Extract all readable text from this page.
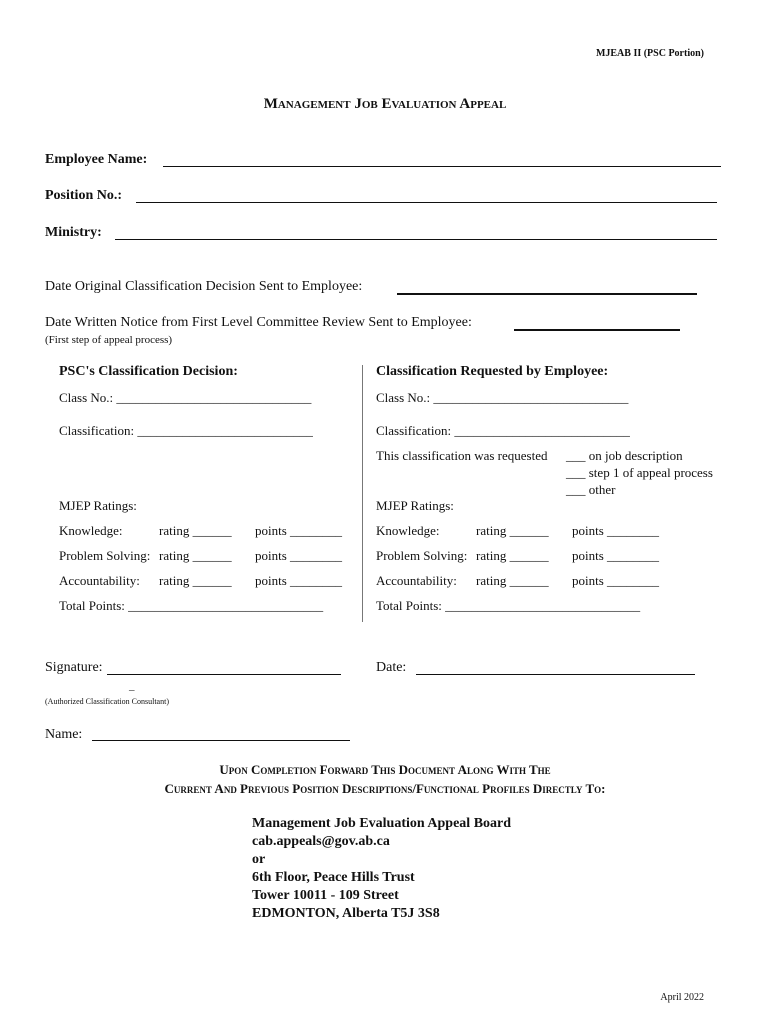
MJEAB II (PSC Portion)
Management Job Evaluation Appeal
Employee Name:
Position No.:
Ministry:
Date Original Classification Decision Sent to Employee:
Date Written Notice from First Level Committee Review Sent to Employee:
(First step of appeal process)
PSC's Classification Decision:
Class No.: ______________________________
Classification: ___________________________
MJEP Ratings:
Knowledge:	rating ______ points ________
Problem Solving: rating ______ points ________
Accountability: rating ______ points ________
Total Points: ______________________________
Classification Requested by Employee:
Class No.: ______________________________
Classification: ___________________________
This classification was requested ___ on job description
___ step 1 of appeal process
___ other
MJEP Ratings:
Knowledge:	rating ______ points ________
Problem Solving: rating ______ points ________
Accountability: rating ______ points ________
Total Points: ______________________________
Signature:	Date:
_
(Authorized Classification Consultant)
Name:
Upon Completion Forward This Document Along With The
Current And Previous Position Descriptions/Functional Profiles Directly To:
Management Job Evaluation Appeal Board
cab.appeals@gov.ab.ca
or
6th Floor, Peace Hills Trust
Tower 10011 - 109 Street
EDMONTON, Alberta T5J 3S8
April 2022
